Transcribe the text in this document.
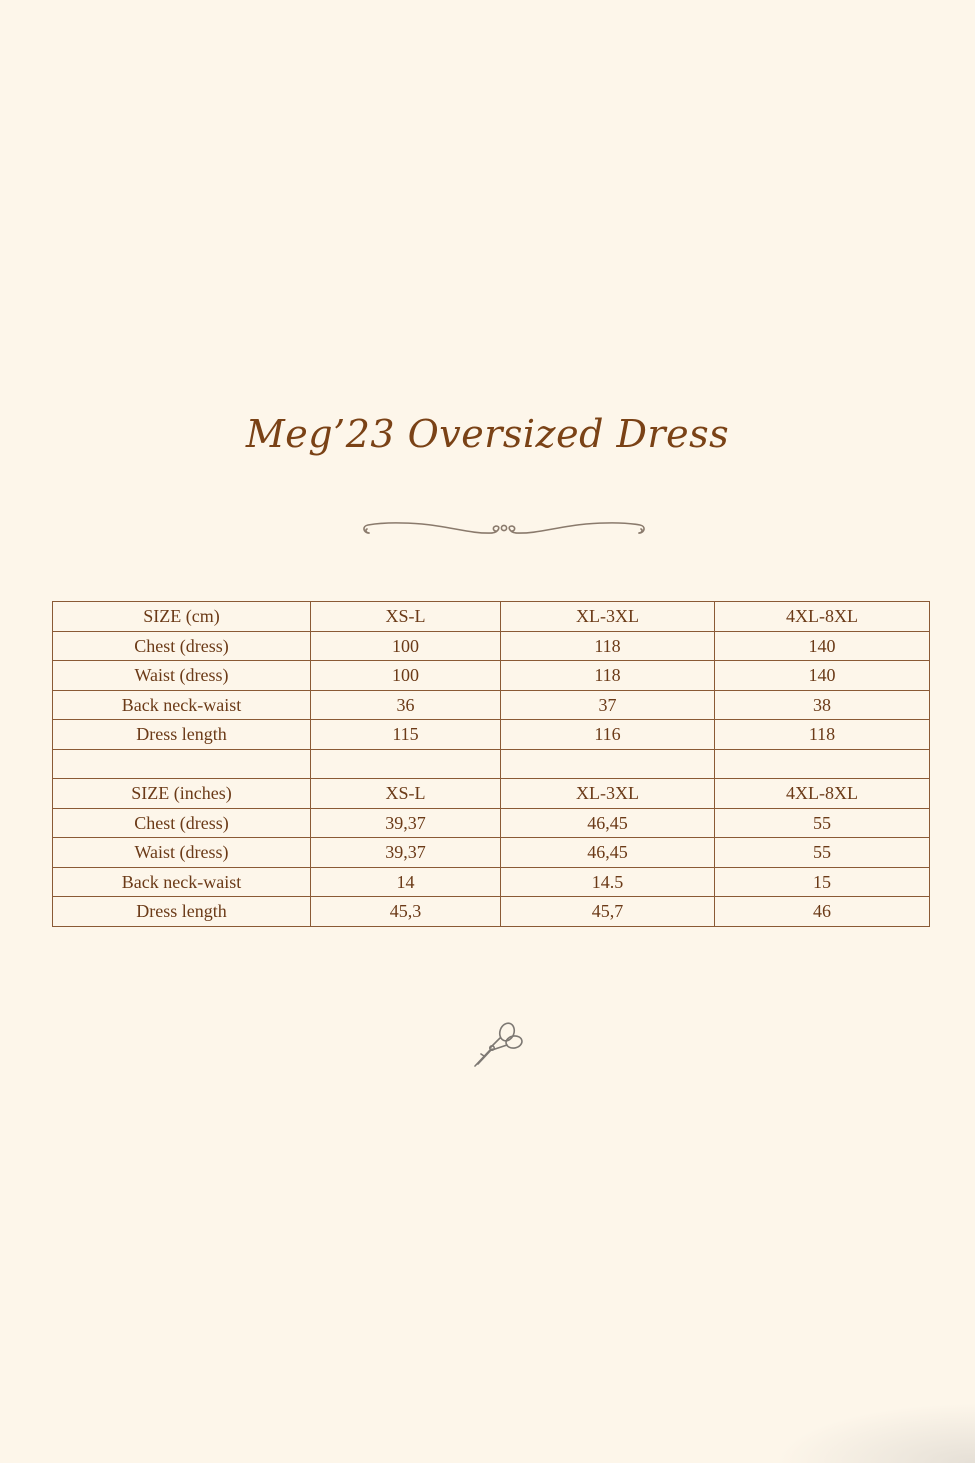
Meg’23 Oversized Dress
SIZE (cm)	XS-L	XL-3XL	4XL-8XL
Chest (dress)	100	118	140
Waist (dress)	100	118	140
Back neck-waist	36	37	38
Dress length	115	116	118

SIZE (inches)	XS-L	XL-3XL	4XL-8XL
Chest (dress)	39,37	46,45	55
Waist (dress)	39,37	46,45	55
Back neck-waist	14	14.5	15
Dress length	45,3	45,7	46
